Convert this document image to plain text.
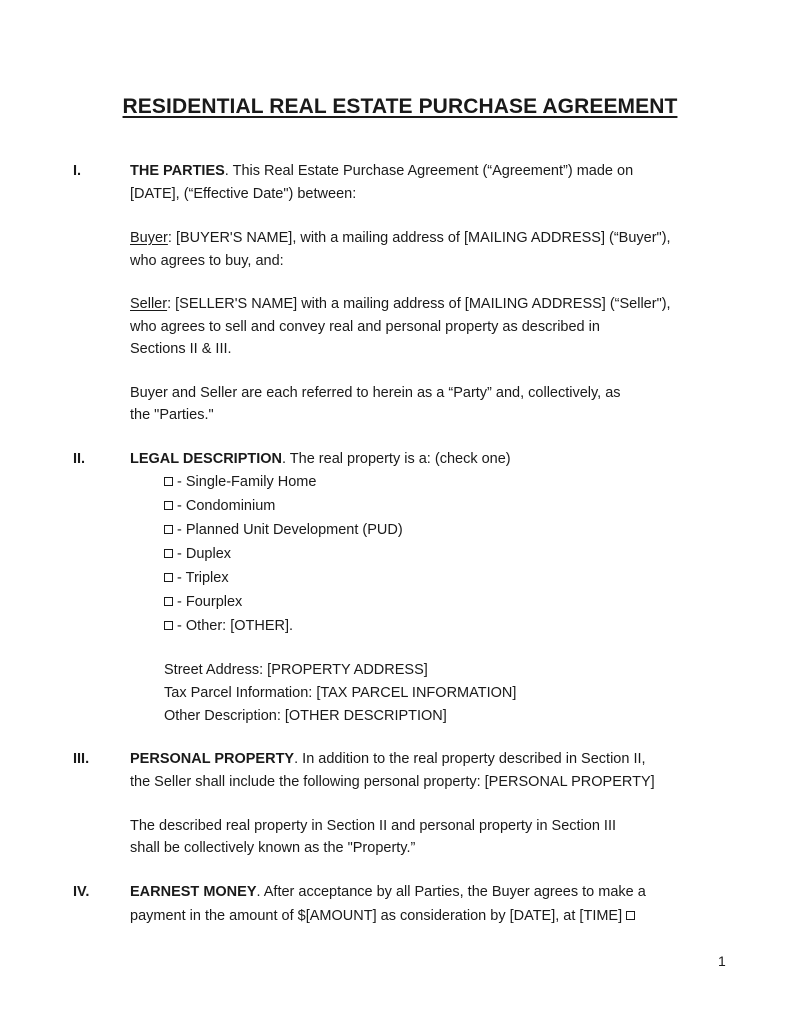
RESIDENTIAL REAL ESTATE PURCHASE AGREEMENT
I.	THE PARTIES. This Real Estate Purchase Agreement (“Agreement”) made on
[DATE], (“Effective Date") between:
Buyer: [BUYER'S NAME], with a mailing address of [MAILING ADDRESS] (“Buyer"),
who agrees to buy, and:
Seller: [SELLER'S NAME] with a mailing address of [MAILING ADDRESS] (“Seller"),
who agrees to sell and convey real and personal property as described in
Sections II & III.
Buyer and Seller are each referred to herein as a “Party” and, collectively, as
the "Parties."
II.	LEGAL DESCRIPTION. The real property is a: (check one)
- Single-Family Home
- Condominium
- Planned Unit Development (PUD)
- Duplex
- Triplex
- Fourplex
- Other: [OTHER].
Street Address: [PROPERTY ADDRESS]
Tax Parcel Information: [TAX PARCEL INFORMATION]
Other Description: [OTHER DESCRIPTION]
III.	PERSONAL PROPERTY. In addition to the real property described in Section II,
the Seller shall include the following personal property: [PERSONAL PROPERTY]
The described real property in Section II and personal property in Section III
shall be collectively known as the "Property.”
IV.	EARNEST MONEY. After acceptance by all Parties, the Buyer agrees to make a
payment in the amount of $[AMOUNT] as consideration by [DATE], at [TIME]
1
